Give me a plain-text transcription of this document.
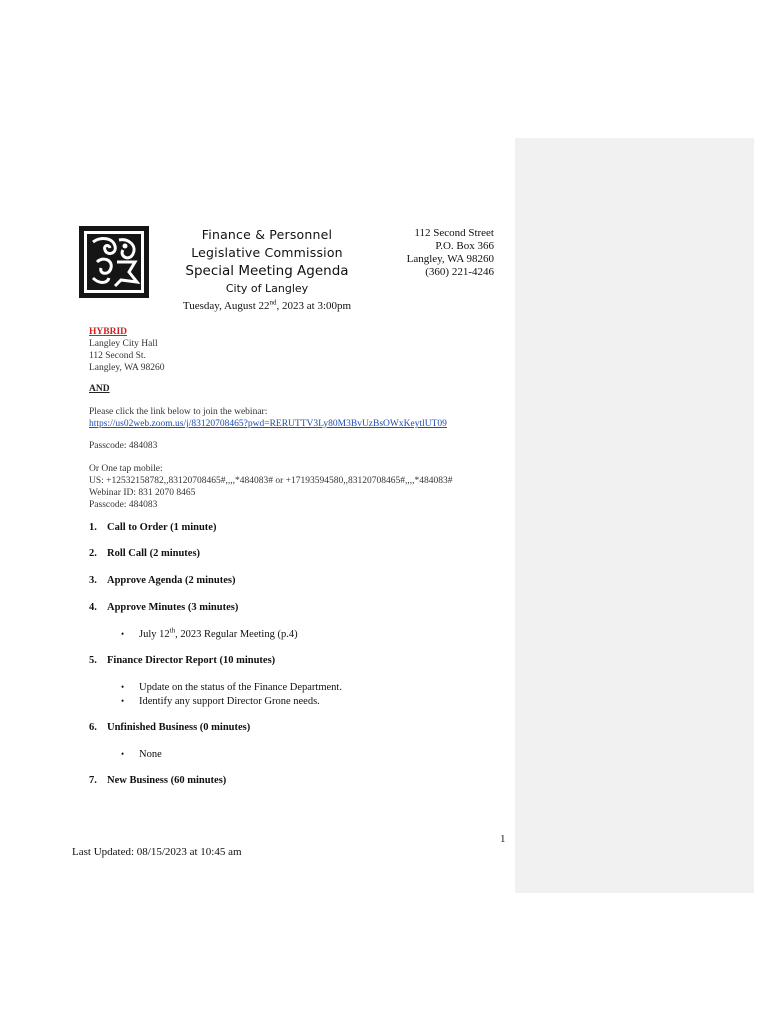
Finance & Personnel
Legislative Commission
Special Meeting Agenda
City of Langley
Tuesday, August 22nd, 2023 at 3:00pm
112 Second Street
P.O. Box 366
Langley, WA 98260
(360) 221-4246
HYBRID
Langley City Hall
112 Second St.
Langley, WA 98260
AND
Please click the link below to join the webinar:
https://us02web.zoom.us/j/83120708465?pwd=RERUTTV3Ly80M3BvUzBsOWxKeytlUT09
Passcode: 484083
Or One tap mobile:
US: +12532158782,,83120708465#,,,,*484083# or +17193594580,,83120708465#,,,,*484083#
Webinar ID: 831 2070 8465
Passcode: 484083
1. Call to Order (1 minute)
2. Roll Call (2 minutes)
3. Approve Agenda (2 minutes)
4. Approve Minutes (3 minutes)
• July 12th, 2023 Regular Meeting (p.4)
5. Finance Director Report (10 minutes)
• Update on the status of the Finance Department.
• Identify any support Director Grone needs.
6. Unfinished Business (0 minutes)
• None
7. New Business (60 minutes)
1
Last Updated: 08/15/2023 at 10:45 am
